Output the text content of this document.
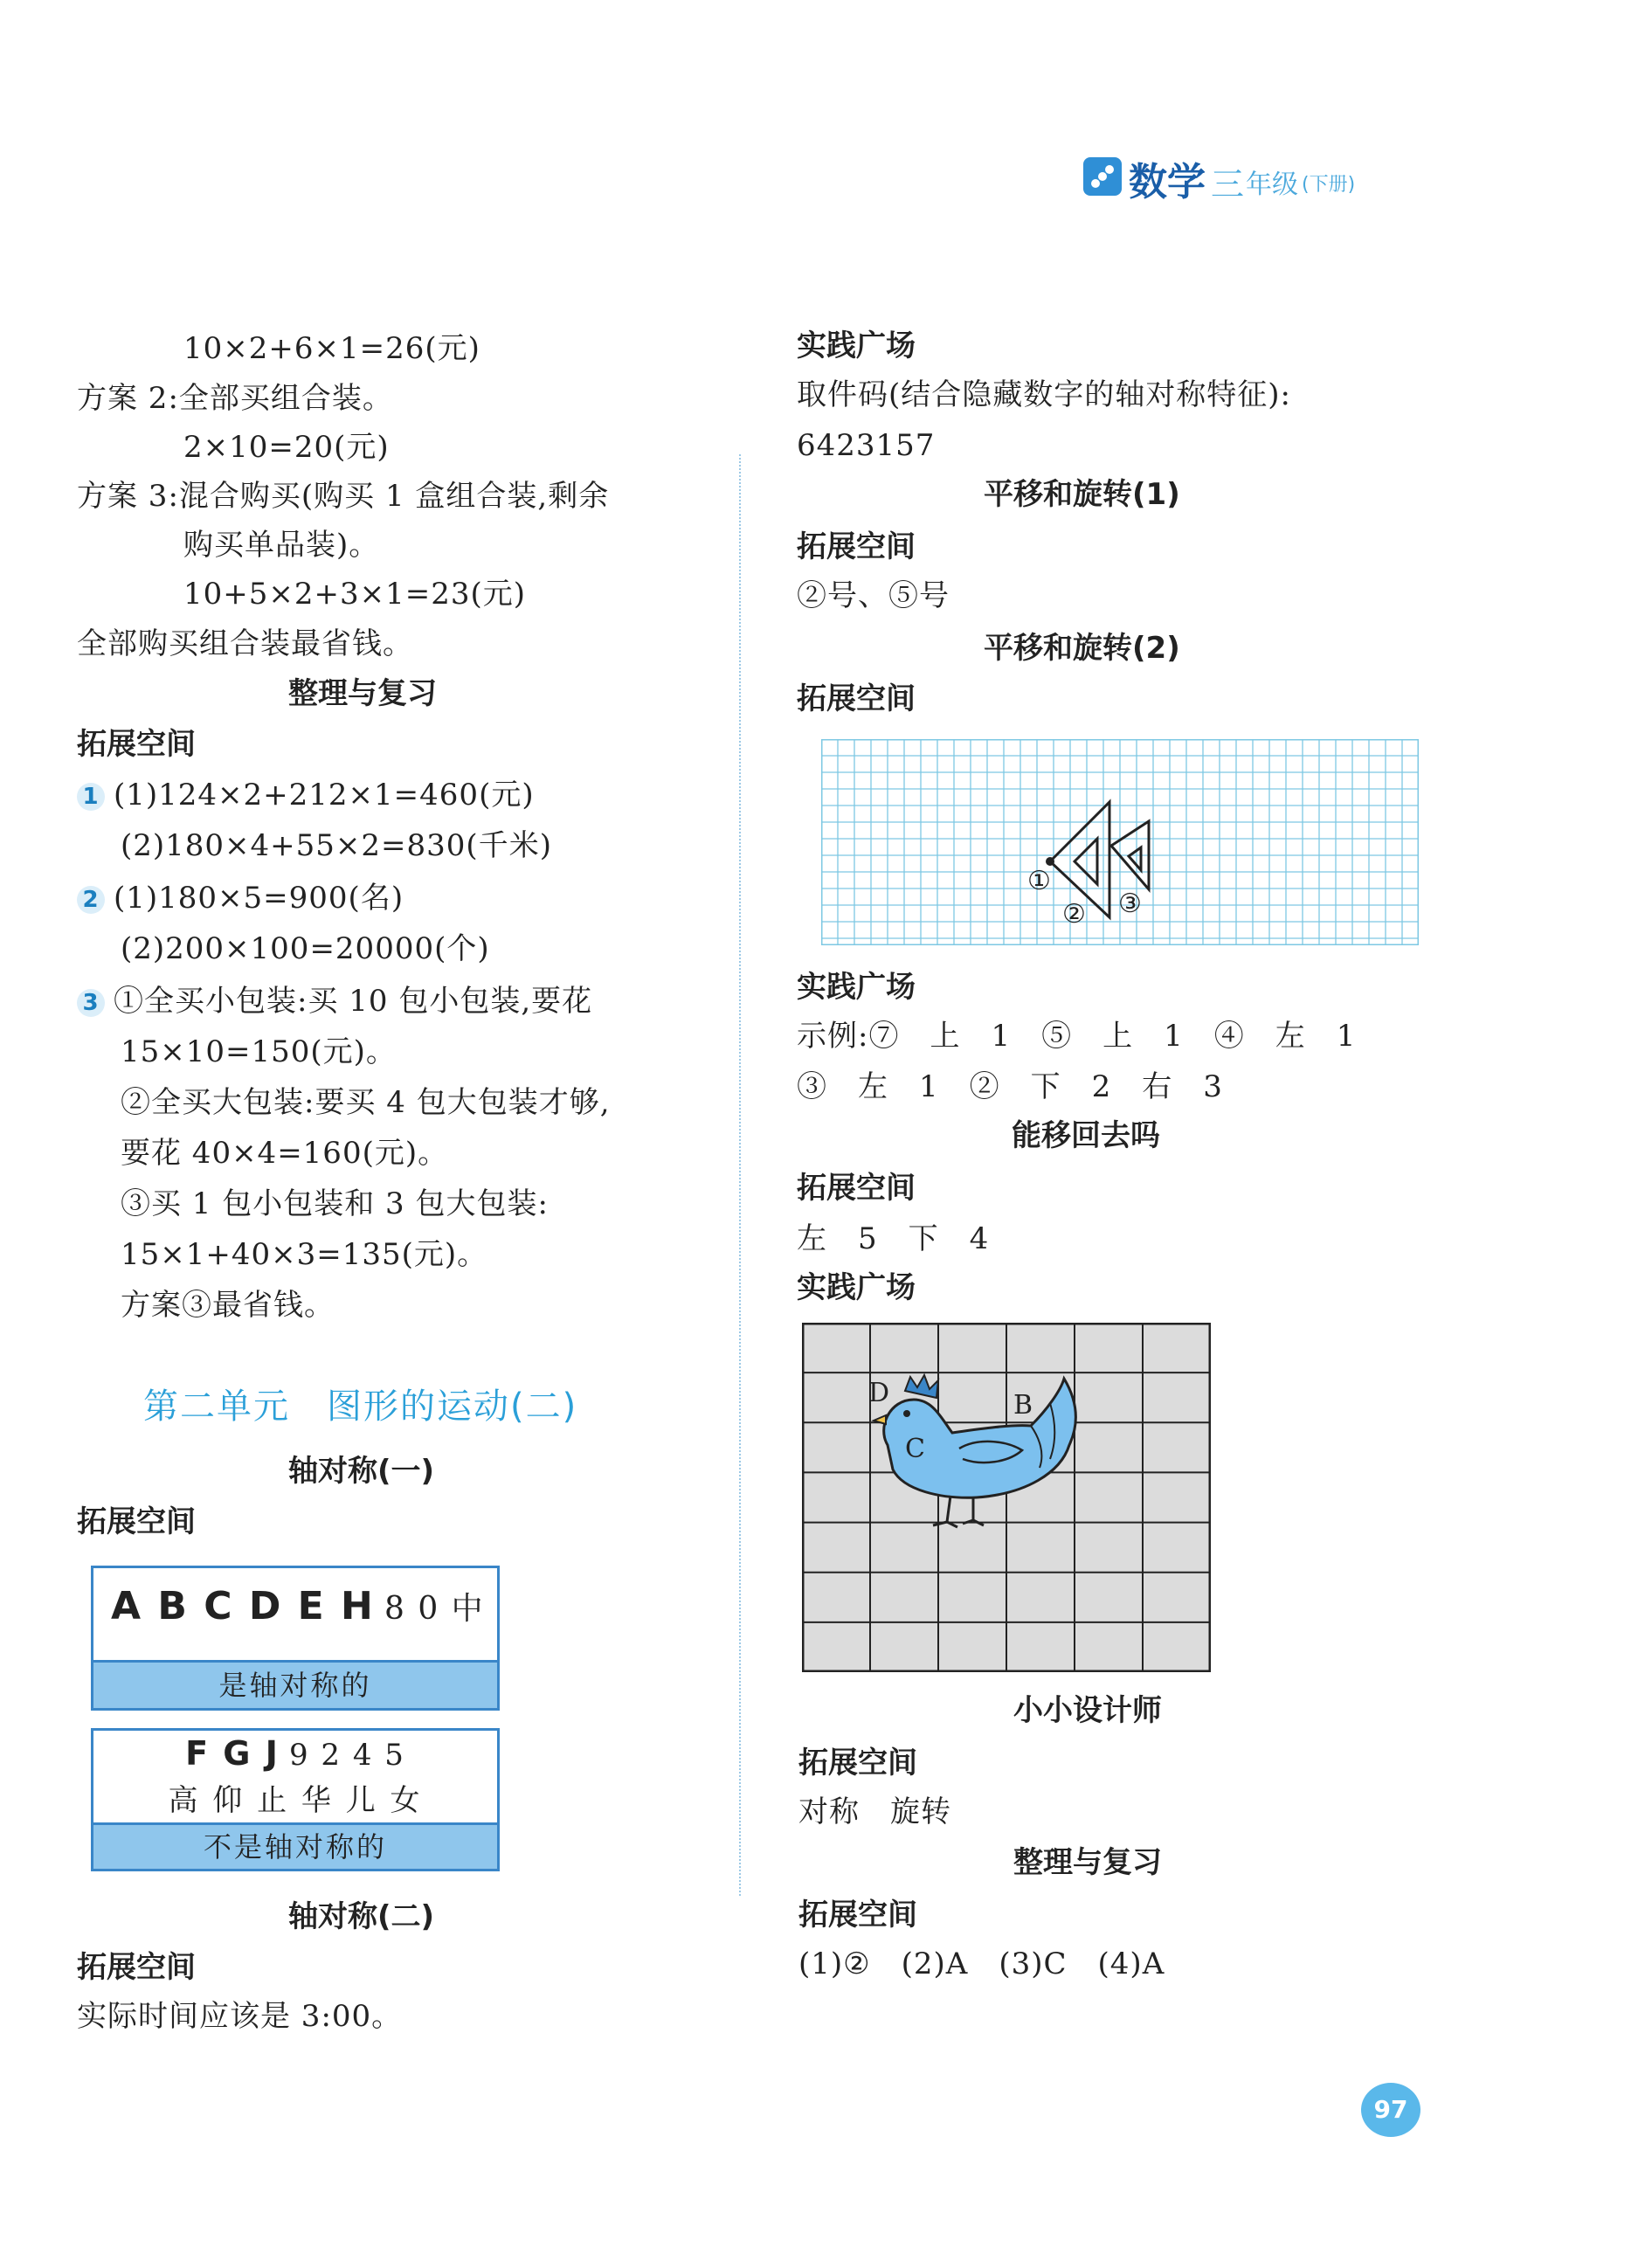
数学 三 年级 (下册)
10×2+6×1=26(元)
方案 2:全部买组合装。
2×10=20(元)
方案 3:混合购买(购买 1 盒组合装,剩余
购买单品装)。
10+5×2+3×1=23(元)
全部购买组合装最省钱。
整理与复习
拓展空间
1 (1)124×2+212×1=460(元)
(2)180×4+55×2=830(千米)
2 (1)180×5=900(名)
(2)200×100=20000(个)
3 ①全买小包装:买 10 包小包装,要花
15×10=150(元)。
②全买大包装:要买 4 包大包装才够,
要花 40×4=160(元)。
③买 1 包小包装和 3 包大包装:
15×1+40×3=135(元)。
方案③最省钱。
第二单元　图形的运动(二)
轴对称(一)
拓展空间
A B C D E H 8 0 中
是轴对称的
F G J 9 2 4 5
高 仰 止 华 儿 女
不是轴对称的
轴对称(二)
拓展空间
实际时间应该是 3:00。
实践广场
取件码(结合隐藏数字的轴对称特征):
6423157
平移和旋转(1)
拓展空间
②号、⑤号
平移和旋转(2)
拓展空间
①
② ③
实践广场
示例:⑦　上　1　⑤　上　1　④　左　1
③　左　1　②　下　2　右　3
能移回去吗
拓展空间
左　5　下　4
实践广场
D	B
C
小小设计师
拓展空间
对称　旋转
整理与复习
拓展空间
(1)②　(2)A　(3)C　(4)A
97
